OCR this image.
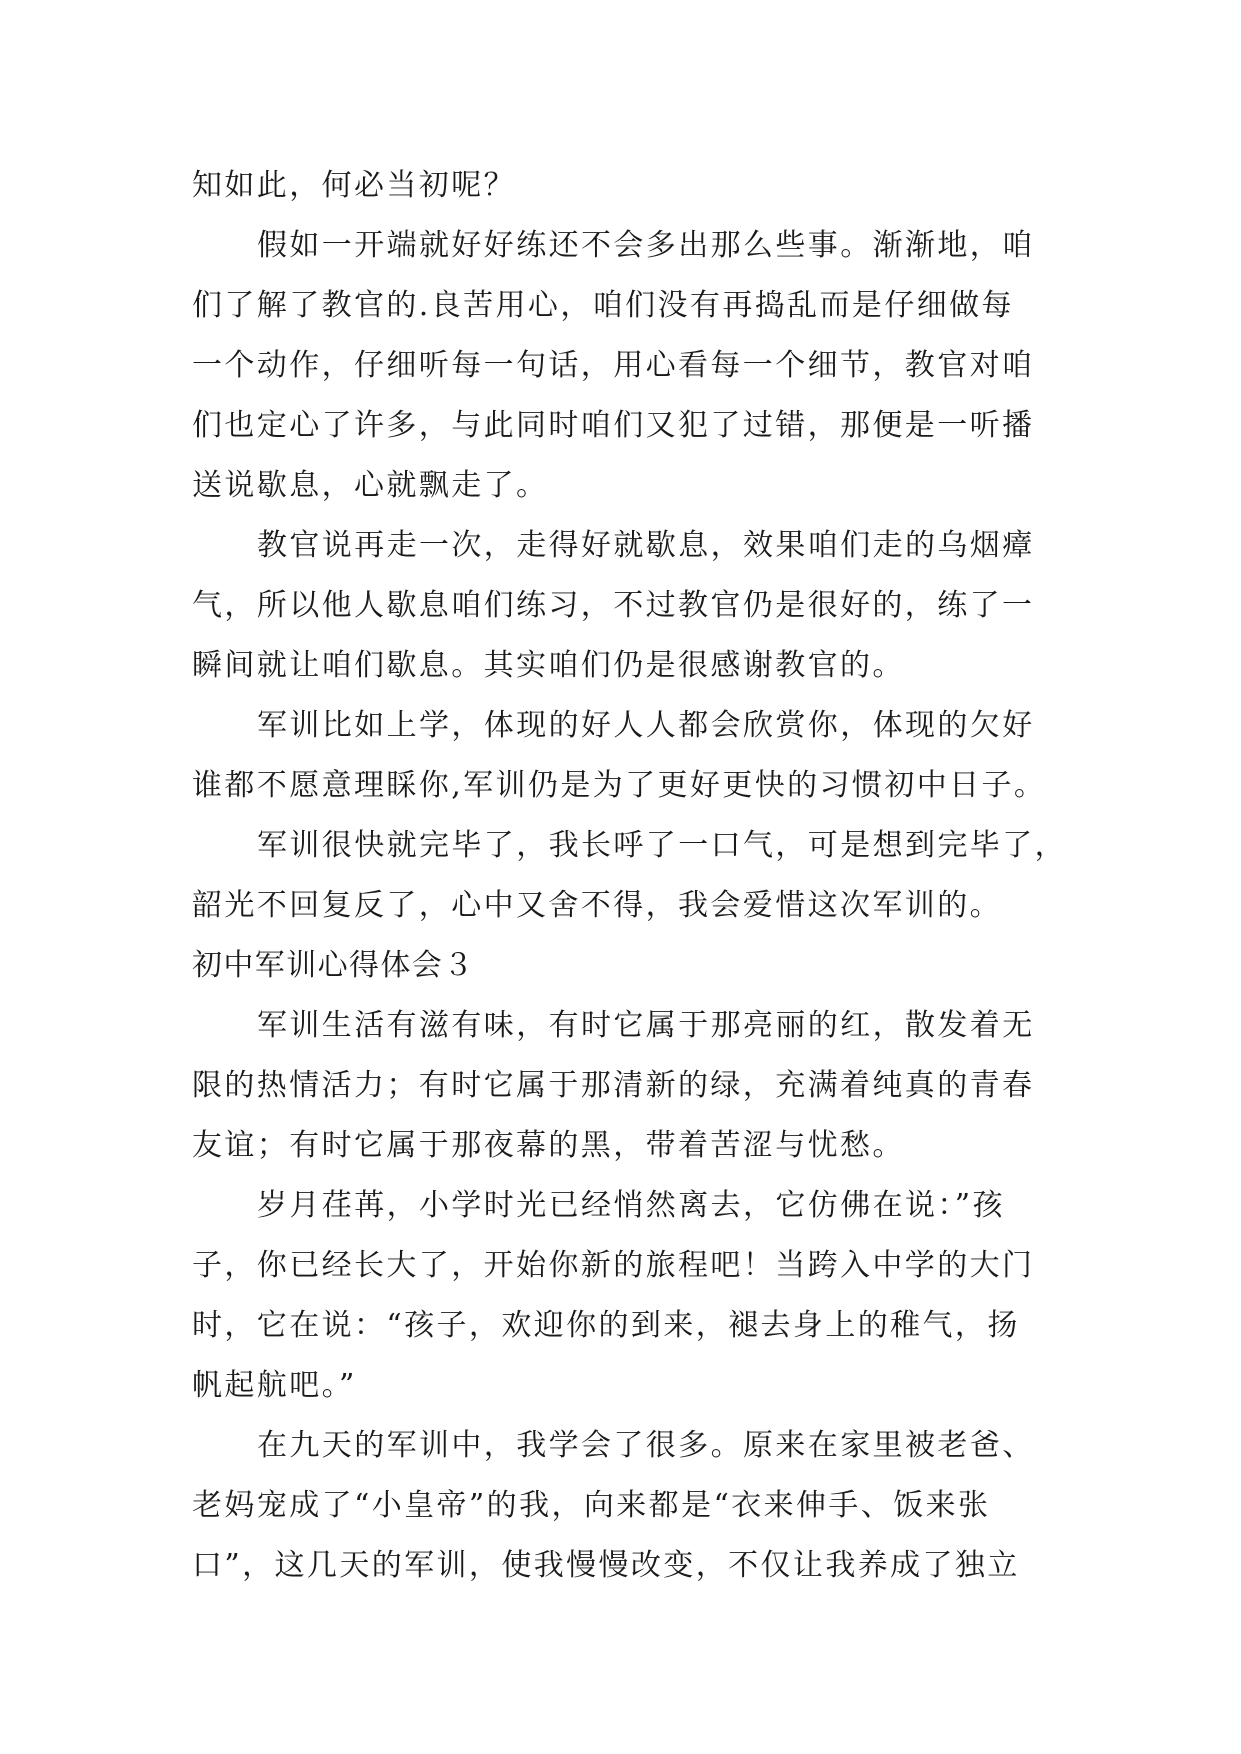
知如此，何必当初呢？
假如一开端就好好练还不会多出那么些事。渐渐地，咱
们了解了教官的.良苦用心，咱们没有再捣乱而是仔细做每
一个动作，仔细听每一句话，用心看每一个细节，教官对咱
们也定心了许多，与此同时咱们又犯了过错，那便是一听播
送说歇息，心就飘走了。
教官说再走一次，走得好就歇息，效果咱们走的乌烟瘴
气，所以他人歇息咱们练习，不过教官仍是很好的，练了一
瞬间就让咱们歇息。其实咱们仍是很感谢教官的。
军训比如上学，体现的好人人都会欣赏你，体现的欠好
谁都不愿意理睬你,军训仍是为了更好更快的习惯初中日子。
军训很快就完毕了，我长呼了一口气，可是想到完毕了，
韶光不回复反了，心中又舍不得，我会爱惜这次军训的。
初中军训心得体会３
军训生活有滋有味，有时它属于那亮丽的红，散发着无
限的热情活力；有时它属于那清新的绿，充满着纯真的青春
友谊；有时它属于那夜幕的黑，带着苦涩与忧愁。
岁月荏苒，小学时光已经悄然离去，它仿佛在说：”孩
子，你已经长大了，开始你新的旅程吧！当跨入中学的大门
时，它在说：“孩子，欢迎你的到来，褪去身上的稚气，扬
帆起航吧。”
在九天的军训中，我学会了很多。原来在家里被老爸、
老妈宠成了“小皇帝”的我，向来都是“衣来伸手、饭来张
口”，这几天的军训，使我慢慢改变，不仅让我养成了独立
